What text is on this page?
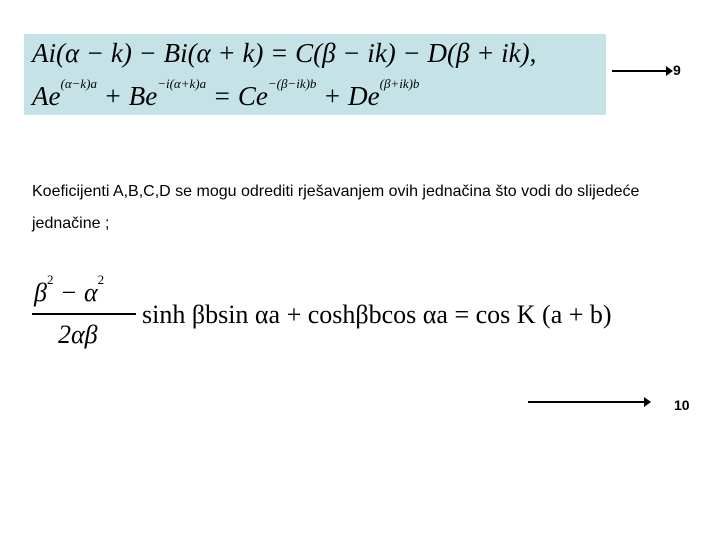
Ai(α − k) − Bi(α + k) = C(β − ik) − D(β + ik),
$Ae^{(\alpha-k)a} + Be^{-i(\alpha+k)a} = Ce^{-(\beta-ik)b} + De^{(\beta+ik)b}$
9
Koeficijenti A,B,C,D se mogu odrediti rješavanjem ovih jednačina što vodi do slijedeće jednačine ;
$\beta^2 - \alpha^2$
2αβ
sinh βbsin αa + coshβbcos αa = cos K (a + b)
10
